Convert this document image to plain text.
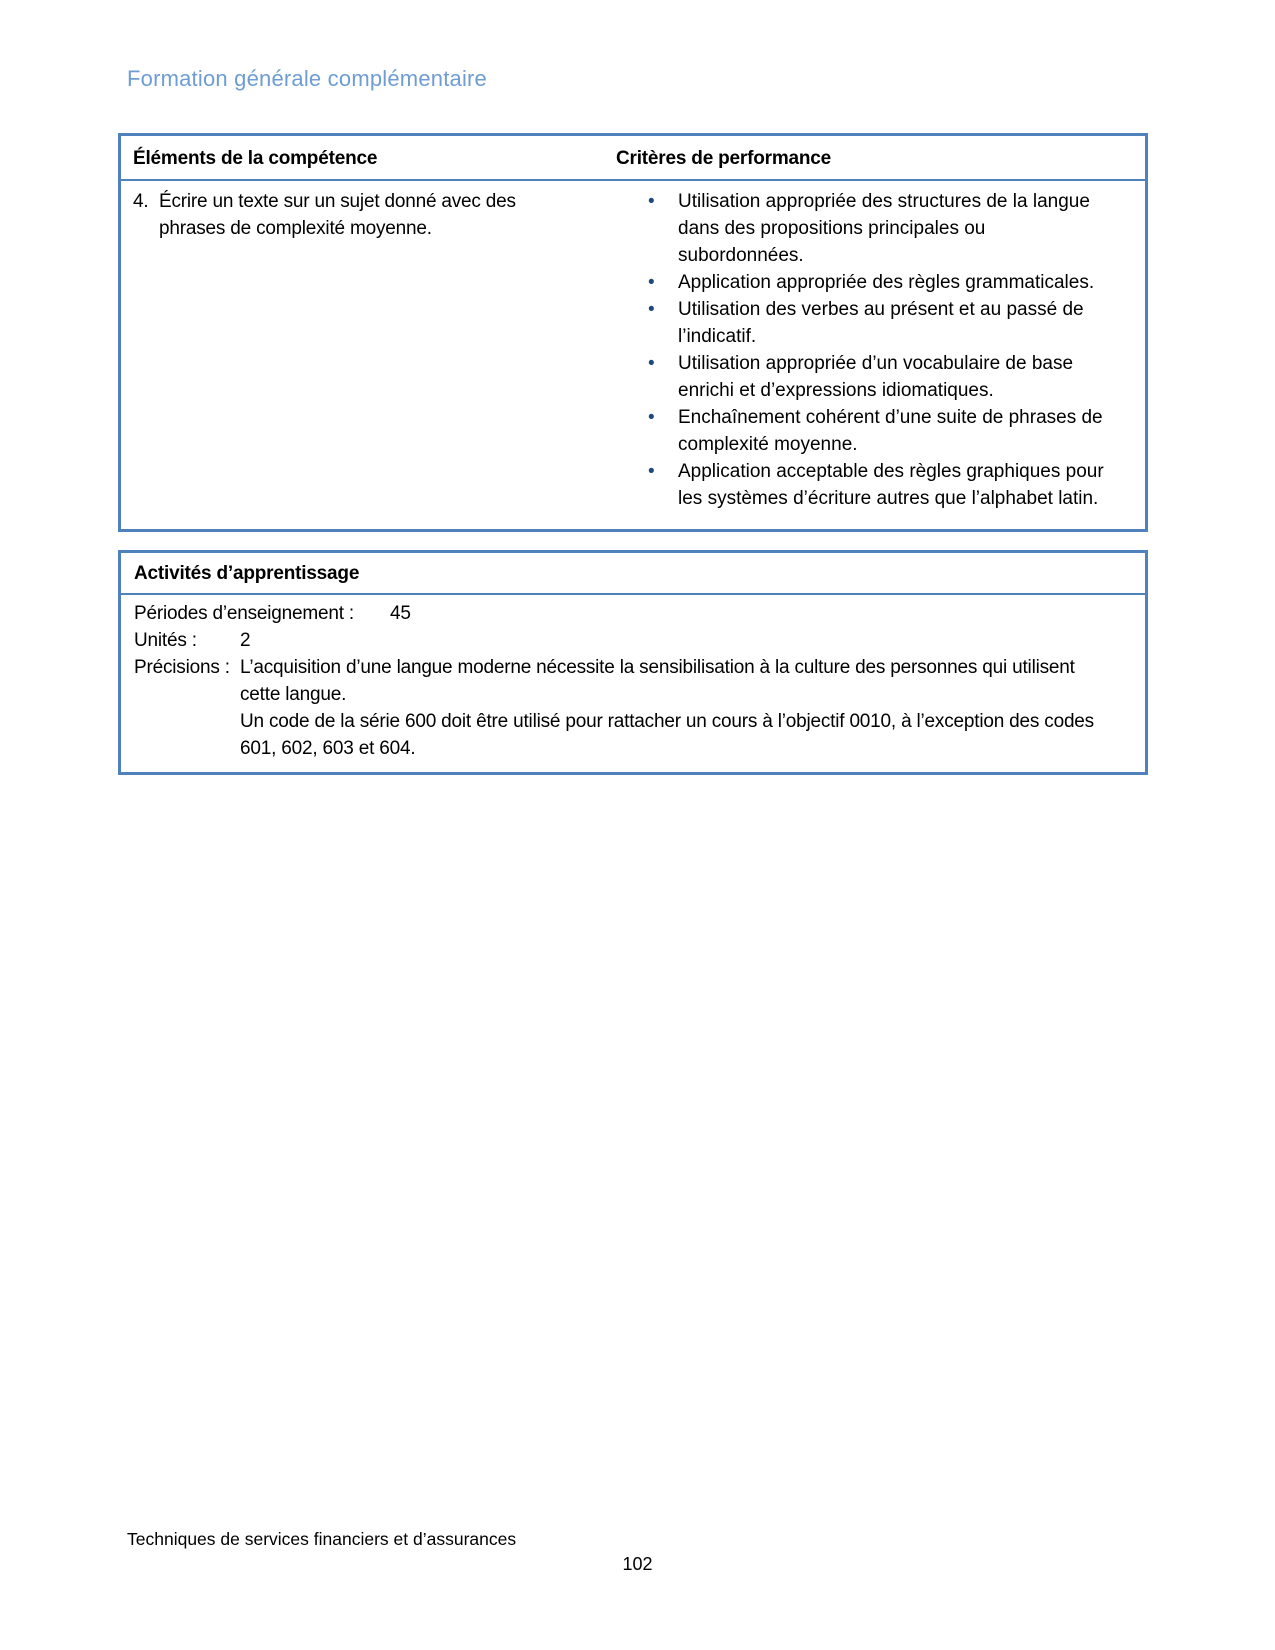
Formation générale complémentaire
Éléments de la compétence	Critères de performance
4. Écrire un texte sur un sujet donné avec des phrases de complexité moyenne.
•	Utilisation appropriée des structures de la langue dans des propositions principales ou subordonnées.
•	Application appropriée des règles grammaticales.
•	Utilisation des verbes au présent et au passé de l’indicatif.
•	Utilisation appropriée d’un vocabulaire de base enrichi et d’expressions idiomatiques.
•	Enchaînement cohérent d’une suite de phrases de complexité moyenne.
•	Application acceptable des règles graphiques pour les systèmes d’écriture autres que l’alphabet latin.
Activités d’apprentissage
Périodes d’enseignement : 45
Unités :	2
Précisions : L’acquisition d’une langue moderne nécessite la sensibilisation à la culture des personnes qui utilisent cette langue.

Un code de la série 600 doit être utilisé pour rattacher un cours à l’objectif 0010, à l’exception des codes 601, 602, 603 et 604.

Techniques de services financiers et d’assurances
102
